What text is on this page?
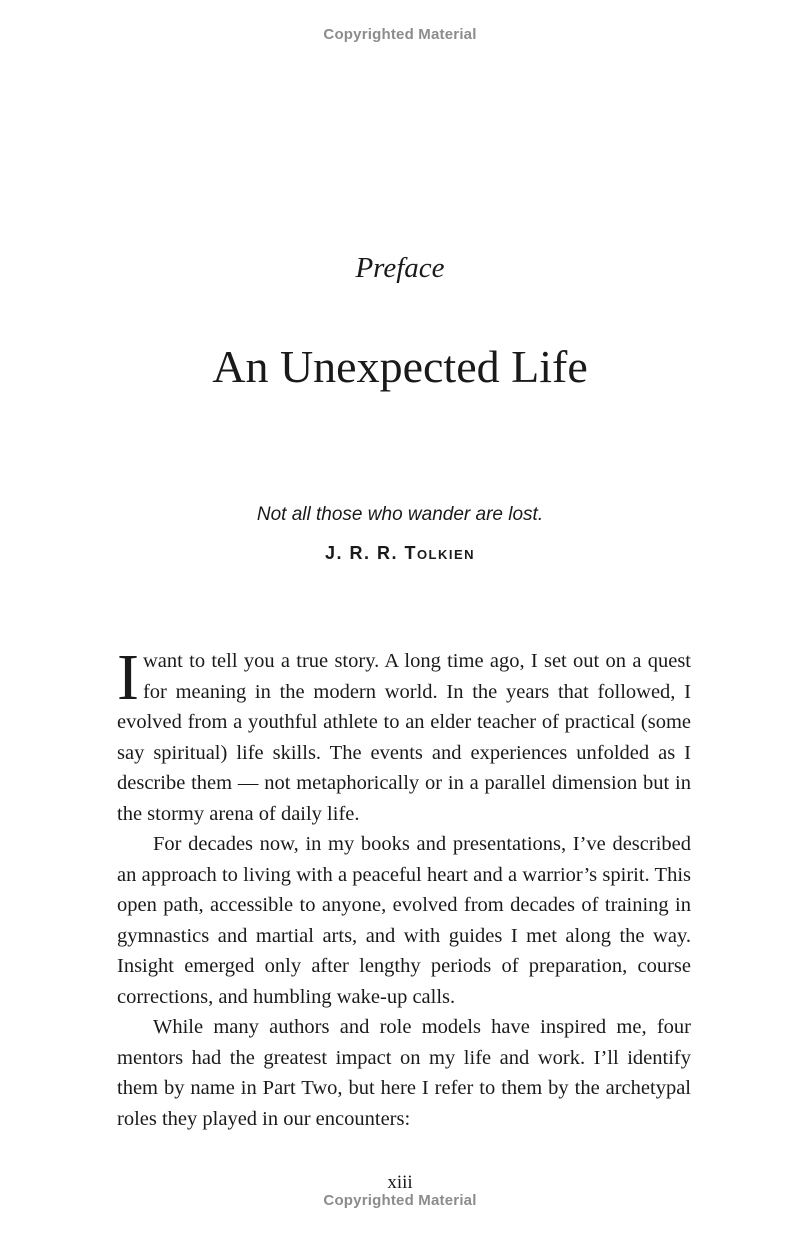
Copyrighted Material
Preface
An Unexpected Life
Not all those who wander are lost.
J. R. R. Tolkien

Iwant to tell you a true story. A long time ago, I set out on a quest for meaning in the modern world. In the years that followed, I evolved from a youthful athlete to an elder teacher of practical (some say spiritual) life skills. The events and experiences unfolded as I describe them — not metaphorically or in a parallel dimension but in the stormy arena of daily life.

For decades now, in my books and presentations, I’ve described an approach to living with a peaceful heart and a warrior’s spirit. This open path, accessible to anyone, evolved from decades of training in gymnastics and martial arts, and with guides I met along the way. Insight emerged only after lengthy periods of preparation, course corrections, and humbling wake-up calls.

While many authors and role models have inspired me, four mentors had the greatest impact on my life and work. I’ll identify them by name in Part Two, but here I refer to them by the archetypal roles they played in our encounters:

xiii
Copyrighted Material
